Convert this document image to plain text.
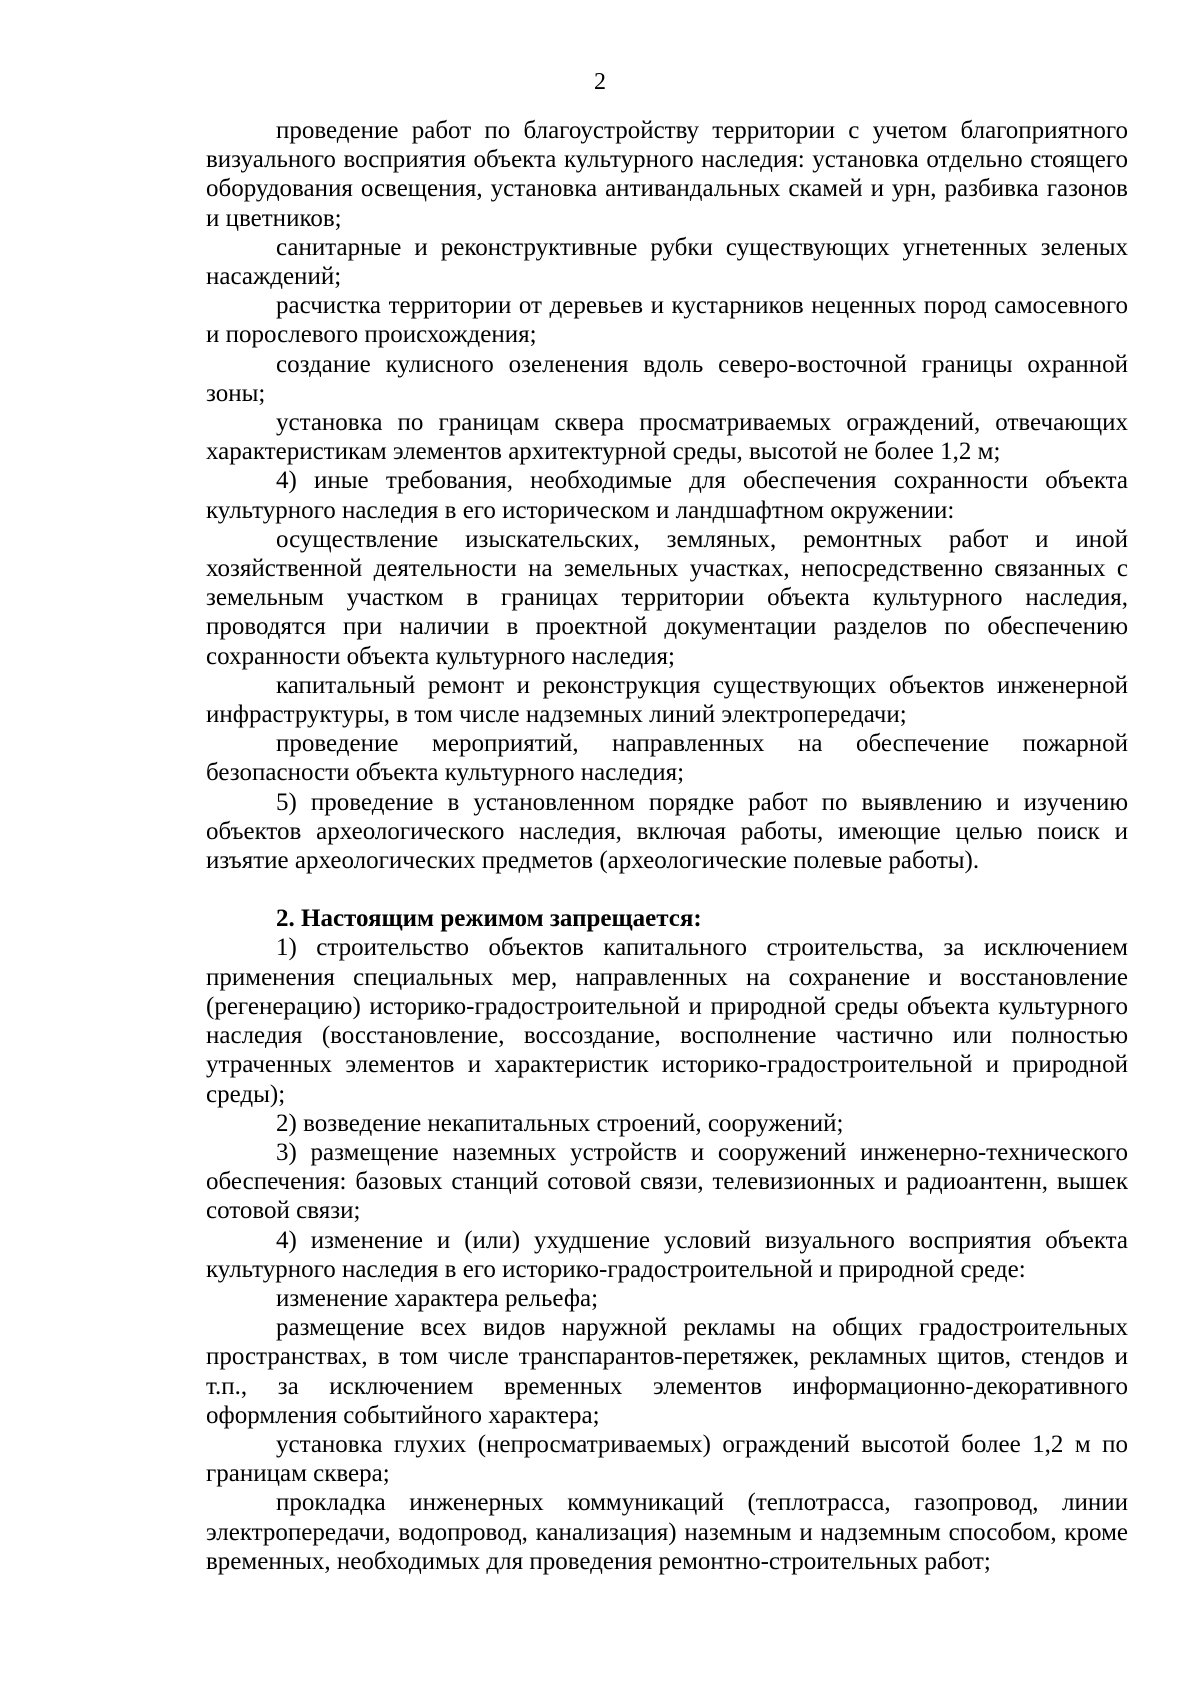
2

проведение работ по благоустройству территории с учетом благоприятного визуального восприятия объекта культурного наследия: установка отдельно стоящего оборудования освещения, установка антивандальных скамей и урн, разбивка газонов и цветников;

санитарные и реконструктивные рубки существующих угнетенных зеленых насаждений;

расчистка территории от деревьев и кустарников неценных пород самосевного и порослевого происхождения;

создание кулисного озеленения вдоль северо-восточной границы охранной зоны;

установка по границам сквера просматриваемых ограждений, отвечающих характеристикам элементов архитектурной среды, высотой не более 1,2 м;

4) иные требования, необходимые для обеспечения сохранности объекта культурного наследия в его историческом и ландшафтном окружении:

осуществление изыскательских, земляных, ремонтных работ и иной хозяйственной деятельности на земельных участках, непосредственно связанных с земельным участком в границах территории объекта культурного наследия, проводятся при наличии в проектной документации разделов по обеспечению сохранности объекта культурного наследия;

капитальный ремонт и реконструкция существующих объектов инженерной инфраструктуры, в том числе надземных линий электропередачи;

проведение мероприятий, направленных на обеспечение пожарной безопасности объекта культурного наследия;

5) проведение в установленном порядке работ по выявлению и изучению объектов археологического наследия, включая работы, имеющие целью поиск и изъятие археологических предметов (археологические полевые работы).

2. Настоящим режимом запрещается:

1) строительство объектов капитального строительства, за исключением применения специальных мер, направленных на сохранение и восстановление (регенерацию) историко-градостроительной и природной среды объекта культурного наследия (восстановление, воссоздание, восполнение частично или полностью утраченных элементов и характеристик историко-градостроительной и природной среды);

2) возведение некапитальных строений, сооружений;

3) размещение наземных устройств и сооружений инженерно-технического обеспечения: базовых станций сотовой связи, телевизионных и радиоантенн, вышек сотовой связи;

4) изменение и (или) ухудшение условий визуального восприятия объекта культурного наследия в его историко-градостроительной и природной среде:

изменение характера рельефа;

размещение всех видов наружной рекламы на общих градостроительных пространствах, в том числе транспарантов-перетяжек, рекламных щитов, стендов и т.п., за исключением временных элементов информационно-декоративного оформления событийного характера;

установка глухих (непросматриваемых) ограждений высотой более 1,2 м по границам сквера;

прокладка инженерных коммуникаций (теплотрасса, газопровод, линии электропередачи, водопровод, канализация) наземным и надземным способом, кроме временных, необходимых для проведения ремонтно-строительных работ;
